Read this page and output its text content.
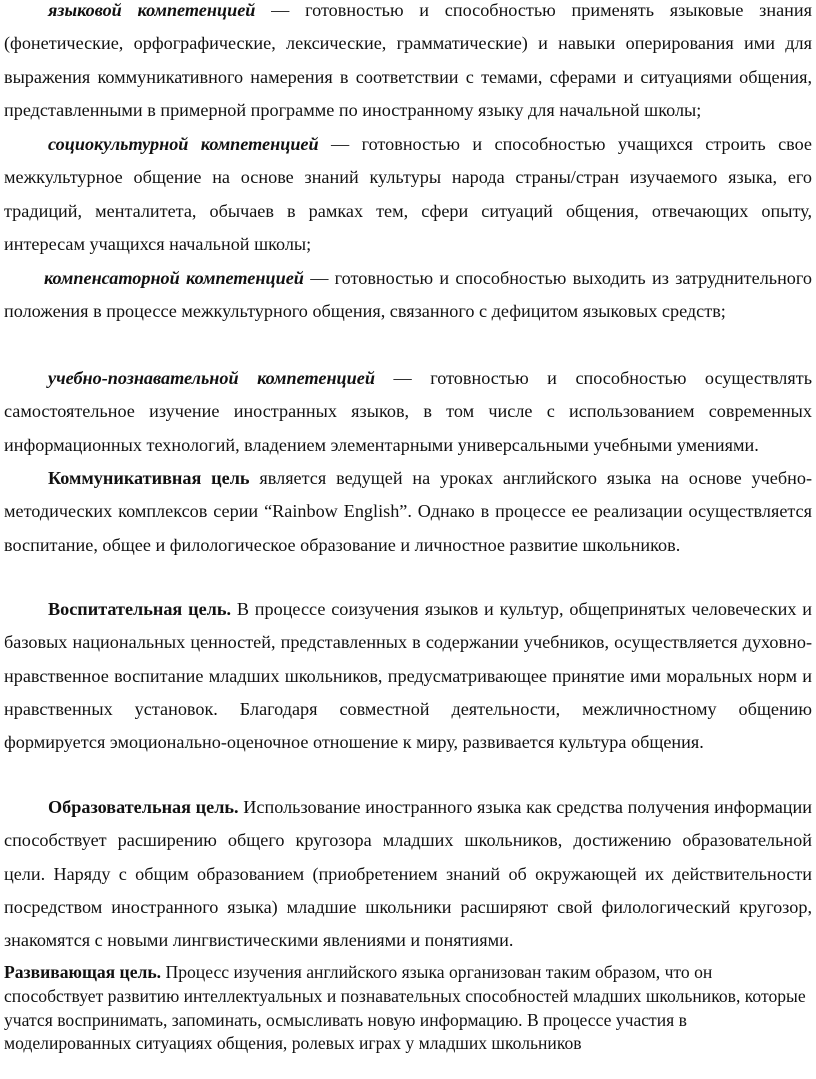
языковой компетенцией — готовностью и способностью применять языковые знания (фонетические, орфографические, лексические, грамматические) и навыки оперирования ими для выражения коммуникативного намерения в соответствии с темами, сферами и ситуациями общения, представленными в примерной программе по иностранному языку для начальной школы;

социокультурной компетенцией — готовностью и способностью учащихся строить свое межкультурное общение на основе знаний культуры народа страны/стран изучаемого языка, его традиций, менталитета, обычаев в рамках тем, сфери ситуаций общения, отвечающих опыту, интересам учащихся начальной школы;

компенсаторной компетенцией — готовностью и способностью выходить из затруднительного положения в процессе межкультурного общения, связанного с дефицитом языковых средств;

учебно-познавательной компетенцией — готовностью и способностью осуществлять самостоятельное изучение иностранных языков, в том числе с использованием современных информационных технологий, владением элементарными универсальными учебными умениями.

Коммуникативная цель является ведущей на уроках английского языка на основе учебно-методических комплексов серии “Rainbow English”. Однако в процессе ее реализации осуществляется воспитание, общее и филологическое образование и личностное развитие школьников.

Воспитательная цель. В процессе соизучения языков и культур, общепринятых человеческих и базовых национальных ценностей, представленных в содержании учебников, осуществляется духовно-нравственное воспитание младших школьников, предусматривающее принятие ими моральных норм и нравственных установок. Благодаря совместной деятельности, межличностному общению формируется эмоционально-оценочное отношение к миру, развивается культура общения.

Образовательная цель. Использование иностранного языка как средства получения информации способствует расширению общего кругозора младших школьников, достижению образовательной цели. Наряду с общим образованием (приобретением знаний об окружающей их действительности посредством иностранного языка) младшие школьники расширяют свой филологический кругозор, знакомятся с новыми лингвистическими явлениями и понятиями.

Развивающая цель. Процесс изучения английского языка организован таким образом, что он способствует развитию интеллектуальных и познавательных способностей младших школьников, которые учатся воспринимать, запоминать, осмысливать новую информацию. В процессе участия в моделированных ситуациях общения, ролевых играх у младших школьников
